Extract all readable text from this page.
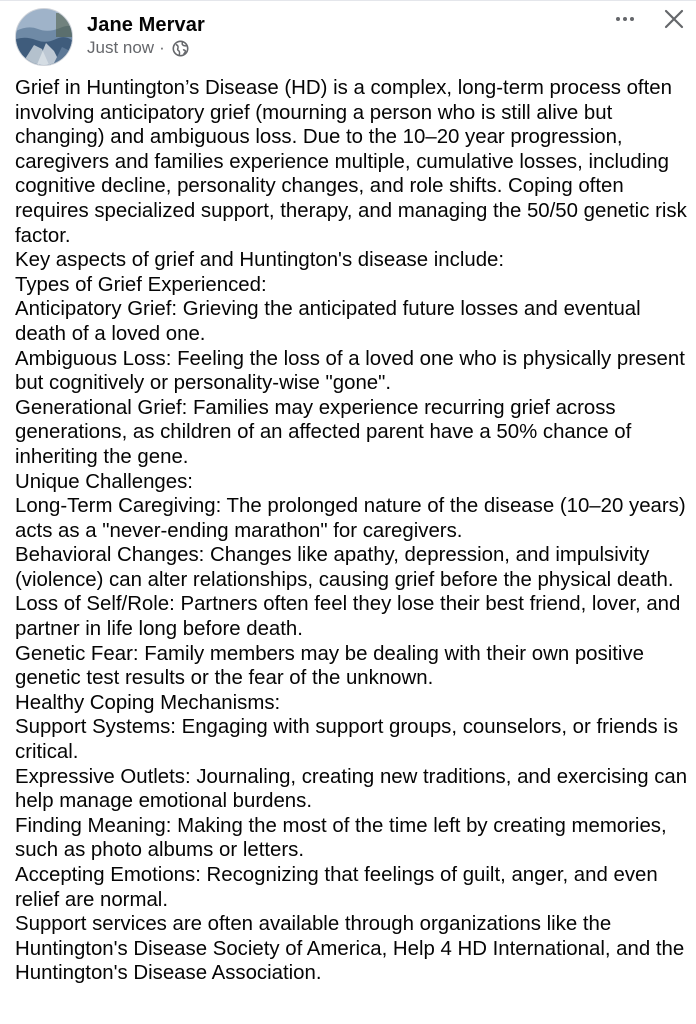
Jane Mervar
Just now ·

Grief in Huntington’s Disease (HD) is a complex, long-term process often involving anticipatory grief (mourning a person who is still alive but changing) and ambiguous loss. Due to the 10–20 year progression, caregivers and families experience multiple, cumulative losses, including cognitive decline, personality changes, and role shifts. Coping often requires specialized support, therapy, and managing the 50/50 genetic risk factor.

Key aspects of grief and Huntington's disease include:

Types of Grief Experienced:

Anticipatory Grief: Grieving the anticipated future losses and eventual death of a loved one.

Ambiguous Loss: Feeling the loss of a loved one who is physically present but cognitively or personality-wise "gone".

Generational Grief: Families may experience recurring grief across generations, as children of an affected parent have a 50% chance of inheriting the gene.

Unique Challenges:

Long-Term Caregiving: The prolonged nature of the disease (10–20 years) acts as a "never-ending marathon" for caregivers.

Behavioral Changes: Changes like apathy, depression, and impulsivity (violence) can alter relationships, causing grief before the physical death.

Loss of Self/Role: Partners often feel they lose their best friend, lover, and partner in life long before death.

Genetic Fear: Family members may be dealing with their own positive genetic test results or the fear of the unknown.

Healthy Coping Mechanisms:

Support Systems: Engaging with support groups, counselors, or friends is critical.

Expressive Outlets: Journaling, creating new traditions, and exercising can help manage emotional burdens.

Finding Meaning: Making the most of the time left by creating memories, such as photo albums or letters.

Accepting Emotions: Recognizing that feelings of guilt, anger, and even relief are normal.

Support services are often available through organizations like the Huntington's Disease Society of America, Help 4 HD International, and the Huntington's Disease Association.
